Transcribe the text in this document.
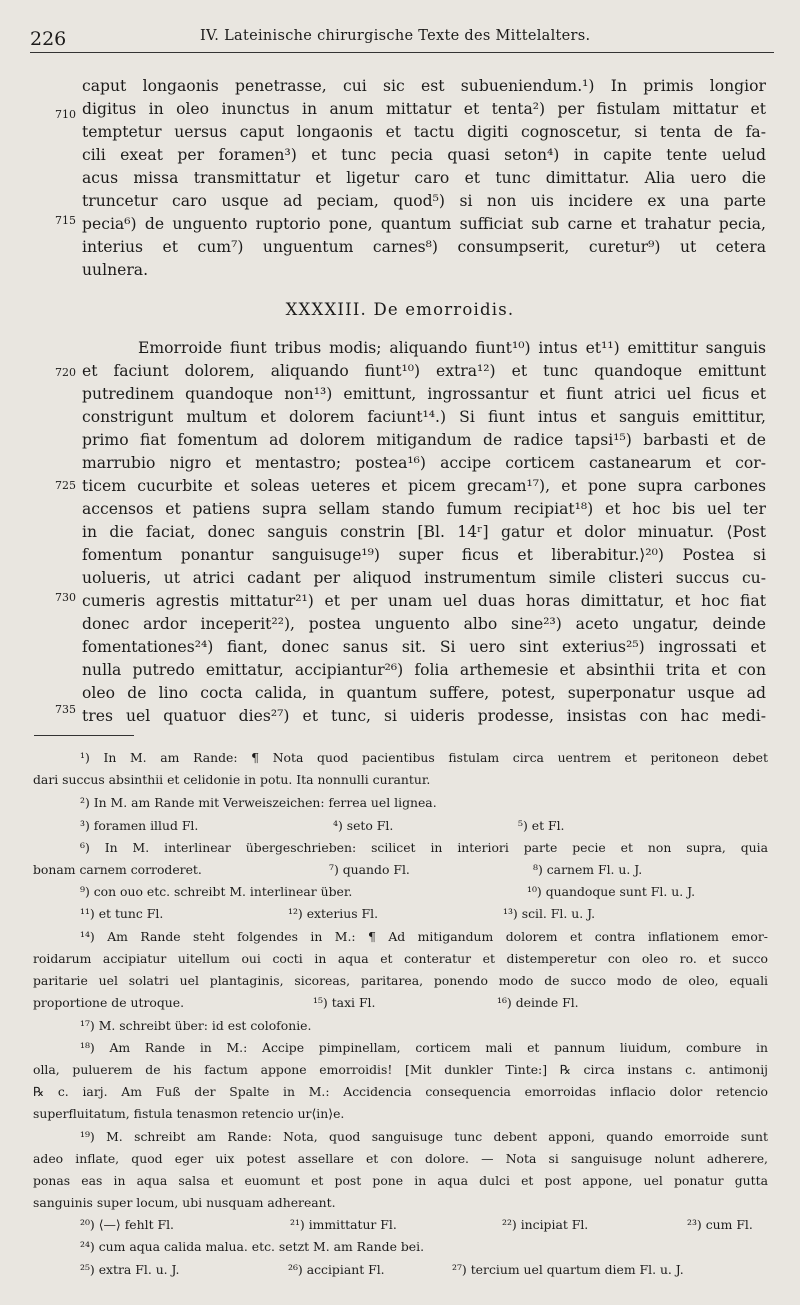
226	IV. Lateinische chirurgische Texte des Mittelalters.
caput longaonis penetrasse, cui sic est subueniendum.¹) In primis longior
710 digitus in oleo inunctus in anum mittatur et tenta²) per fistulam mittatur et
temptetur uersus caput longaonis et tactu digiti cognoscetur, si tenta de fa-
cili exeat per foramen³) et tunc pecia quasi seton⁴) in capite tente uelud
acus missa transmittatur et ligetur caro et tunc dimittatur. Alia uero die
truncetur caro usque ad peciam, quod⁵) si non uis incidere ex una parte
715 pecia⁶) de unguento ruptorio pone, quantum sufficiat sub carne et trahatur pecia,
interius et cum⁷) unguentum carnes⁸) consumpserit, curetur⁹) ut cetera
uulnera.
XXXXIII. De emorroidis.
Emorroide fiunt tribus modis; aliquando fiunt¹⁰) intus et¹¹) emittitur sanguis
720 et faciunt dolorem, aliquando fiunt¹⁰) extra¹²) et tunc quandoque emittunt
putredinem quandoque non¹³) emittunt, ingrossantur et fiunt atrici uel ficus et
constrigunt multum et dolorem faciunt¹⁴.) Si fiunt intus et sanguis emittitur,
primo fiat fomentum ad dolorem mitigandum de radice tapsi¹⁵) barbasti et de
marrubio nigro et mentastro; postea¹⁶) accipe corticem castanearum et cor-
725 ticem cucurbite et soleas ueteres et picem grecam¹⁷), et pone supra carbones
accensos et patiens supra sellam stando fumum recipiat¹⁸) et hoc bis uel ter
in die faciat, donec sanguis constrin [Bl. 14ʳ] gatur et dolor minuatur. ⟨Post
fomentum ponantur sanguisuge¹⁹) super ficus et liberabitur.⟩²⁰) Postea si
uolueris, ut atrici cadant per aliquod instrumentum simile clisteri succus cu-
730 cumeris agrestis mittatur²¹) et per unam uel duas horas dimittatur, et hoc fiat
donec ardor inceperit²²), postea unguento albo sine²³) aceto ungatur, deinde
fomentationes²⁴) fiant, donec sanus sit. Si uero sint exterius²⁵) ingrossati et
nulla putredo emittatur, accipiantur²⁶) folia arthemesie et absinthii trita et con
oleo de lino cocta calida, in quantum suffere, potest, superponatur usque ad
735 tres uel quatuor dies²⁷) et tunc, si uideris prodesse, insistas con hac medi-
¹) In M. am Rande: ¶ Nota quod pacientibus fistulam circa uentrem et peritoneon debet
dari succus absinthii et celidonie in potu. Ita nonnulli curantur.
²) In M. am Rande mit Verweiszeichen: ferrea uel lignea.
³) foramen illud Fl.	⁴) seto Fl.	⁵) et Fl.
⁶) In M. interlinear übergeschrieben: scilicet in interiori parte pecie et non supra, quia
bonam carnem corroderet.	⁷) quando Fl.	⁸) carnem Fl. u. J.
⁹) con ouo etc. schreibt M. interlinear über.	¹⁰) quandoque sunt Fl. u. J.
¹¹) et tunc Fl.	¹²) exterius Fl.	¹³) scil. Fl. u. J.
¹⁴) Am Rande steht folgendes in M.: ¶ Ad mitigandum dolorem et contra inflationem emor-
roidarum accipiatur uitellum oui cocti in aqua et conteratur et distemperetur con oleo ro. et succo
paritarie uel solatri uel plantaginis, sicoreas, paritarea, ponendo modo de succo modo de oleo, equali
proportione de utroque.	¹⁵) taxi Fl.	¹⁶) deinde Fl.
¹⁷) M. schreibt über: id est colofonie.
¹⁸) Am Rande in M.: Accipe pimpinellam, corticem mali et pannum liuidum, combure in
olla, puluerem de his factum appone emorroidis! [Mit dunkler Tinte:] ℞ circa instans c. antimonij
℞ c. iarj. Am Fuß der Spalte in M.: Accidencia consequencia emorroidas inflacio dolor retencio
superfluitatum, fistula tenasmon retencio ur⟨in⟩e.
¹⁹) M. schreibt am Rande: Nota, quod sanguisuge tunc debent apponi, quando emorroide sunt
adeo inflate, quod eger uix potest assellare et con dolore. — Nota si sanguisuge nolunt adherere,
ponas eas in aqua salsa et euomunt et post pone in aqua dulci et post appone, uel ponatur gutta
sanguinis super locum, ubi nusquam adhereant.
²⁰) ⟨—⟩ fehlt Fl.	²¹) immittatur Fl.	²²) incipiat Fl.	²³) cum Fl.
²⁴) cum aqua calida malua. etc. setzt M. am Rande bei.
²⁵) extra Fl. u. J.	²⁶) accipiant Fl.	²⁷) tercium uel quartum diem Fl. u. J.
